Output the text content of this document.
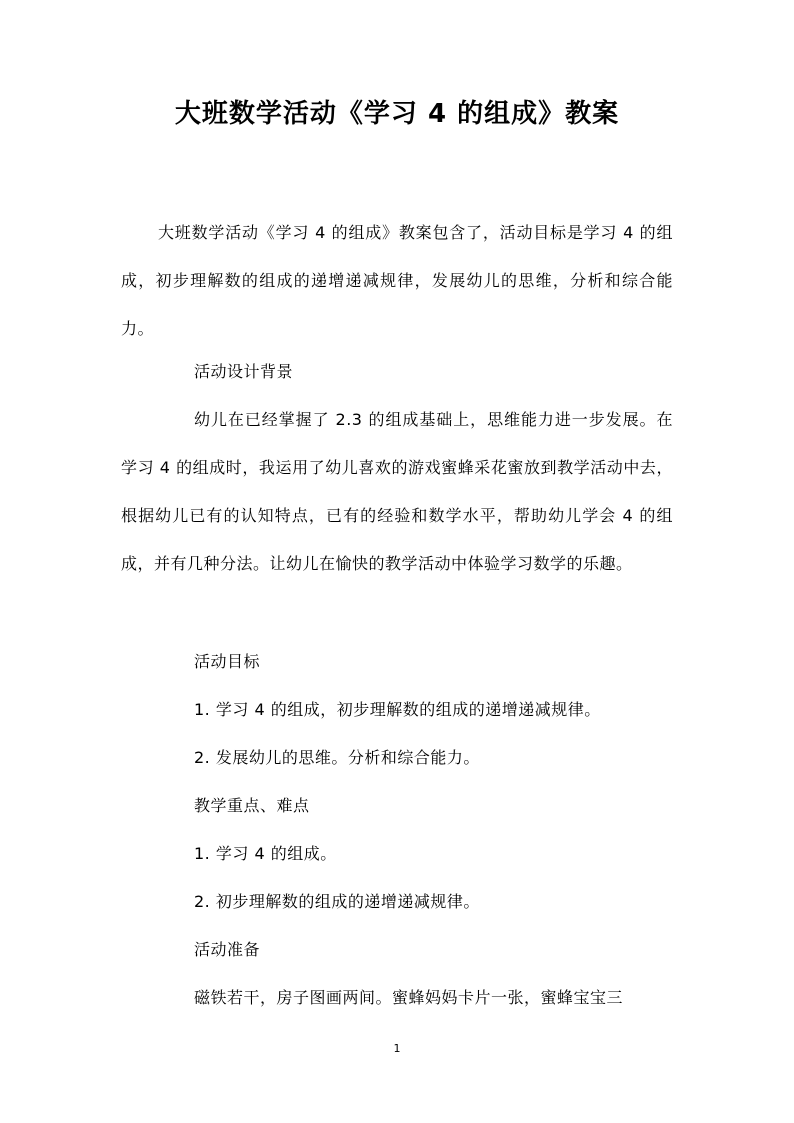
大班数学活动《学习 4 的组成》教案

大班数学活动《学习 4 的组成》教案包含了，活动目标是学习 4 的组成，初步理解数的组成的递增递减规律，发展幼儿的思维，分析和综合能力。

活动设计背景

幼儿在已经掌握了 2.3 的组成基础上，思维能力进一步发展。在学习 4 的组成时，我运用了幼儿喜欢的游戏蜜蜂采花蜜放到教学活动中去，根据幼儿已有的认知特点，已有的经验和数学水平，帮助幼儿学会 4 的组成，并有几种分法。让幼儿在愉快的教学活动中体验学习数学的乐趣。

活动目标

1. 学习 4 的组成，初步理解数的组成的递增递减规律。

2. 发展幼儿的思维。分析和综合能力。

教学重点、难点

1. 学习 4 的组成。

2. 初步理解数的组成的递增递减规律。

活动准备

磁铁若干，房子图画两间。蜜蜂妈妈卡片一张，蜜蜂宝宝三

1
